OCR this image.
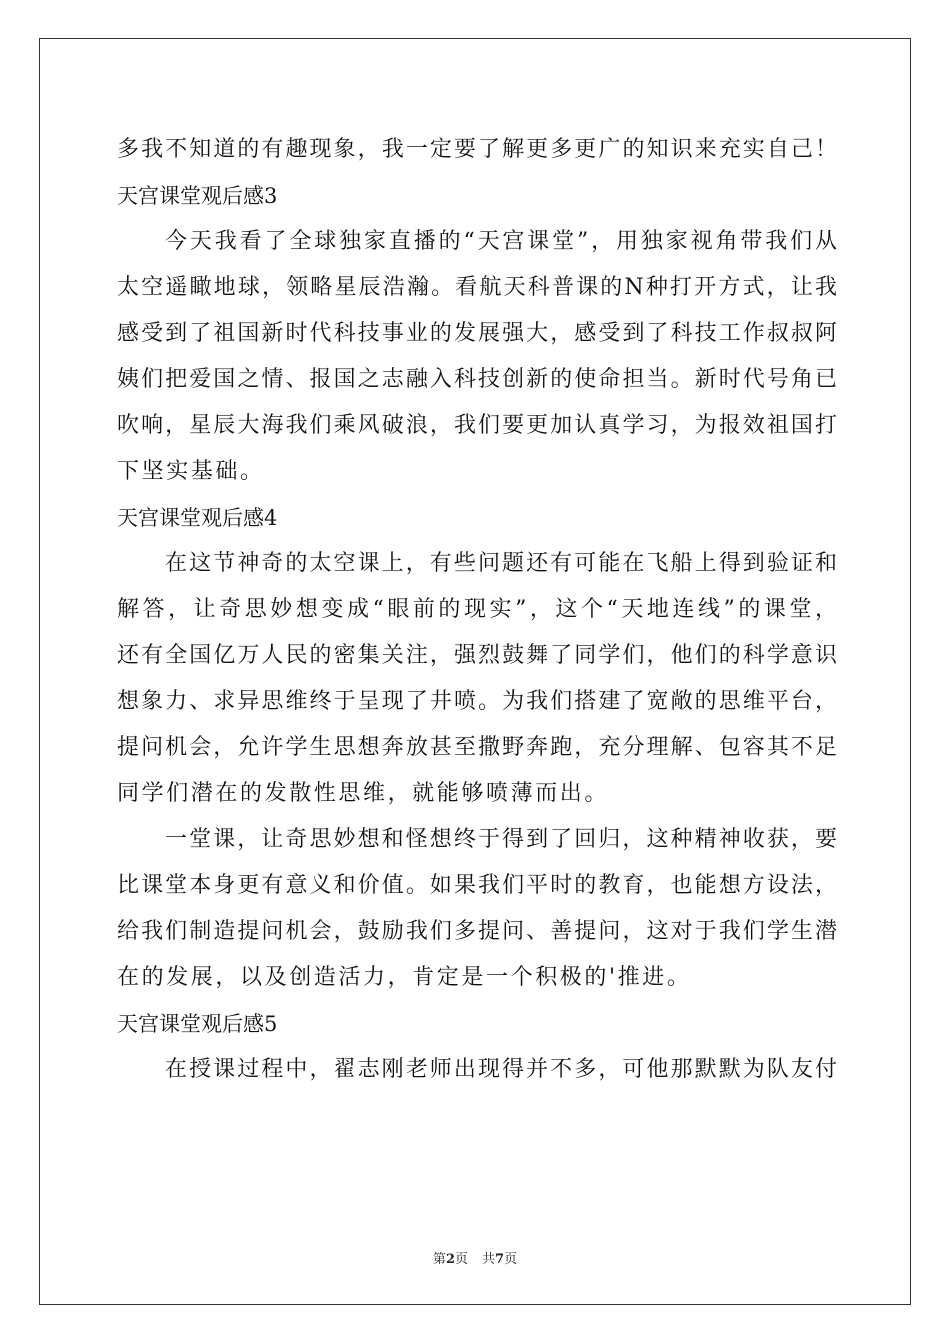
多我不知道的有趣现象，我一定要了解更多更广的知识来充实自己！
天宫课堂观后感3
今天我看了全球独家直播的“天宫课堂”，用独家视角带我们从
太空遥瞰地球，领略星辰浩瀚。看航天科普课的N种打开方式，让我
感受到了祖国新时代科技事业的发展强大，感受到了科技工作叔叔阿
姨们把爱国之情、报国之志融入科技创新的使命担当。新时代号角已
吹响，星辰大海我们乘风破浪，我们要更加认真学习，为报效祖国打
下坚实基础。
天宫课堂观后感4
在这节神奇的太空课上，有些问题还有可能在飞船上得到验证和
解答，让奇思妙想变成“眼前的现实”，这个“天地连线”的课堂，
还有全国亿万人民的密集关注，强烈鼓舞了同学们，他们的科学意识
想象力、求异思维终于呈现了井喷。为我们搭建了宽敞的思维平台，
提问机会，允许学生思想奔放甚至撒野奔跑，充分理解、包容其不足
同学们潜在的发散性思维，就能够喷薄而出。
一堂课，让奇思妙想和怪想终于得到了回归，这种精神收获，要
比课堂本身更有意义和价值。如果我们平时的教育，也能想方设法，
给我们制造提问机会，鼓励我们多提问、善提问，这对于我们学生潜
在的发展，以及创造活力，肯定是一个积极的'推进。
天宫课堂观后感5
在授课过程中，翟志刚老师出现得并不多，可他那默默为队友付
第2页 共7页
